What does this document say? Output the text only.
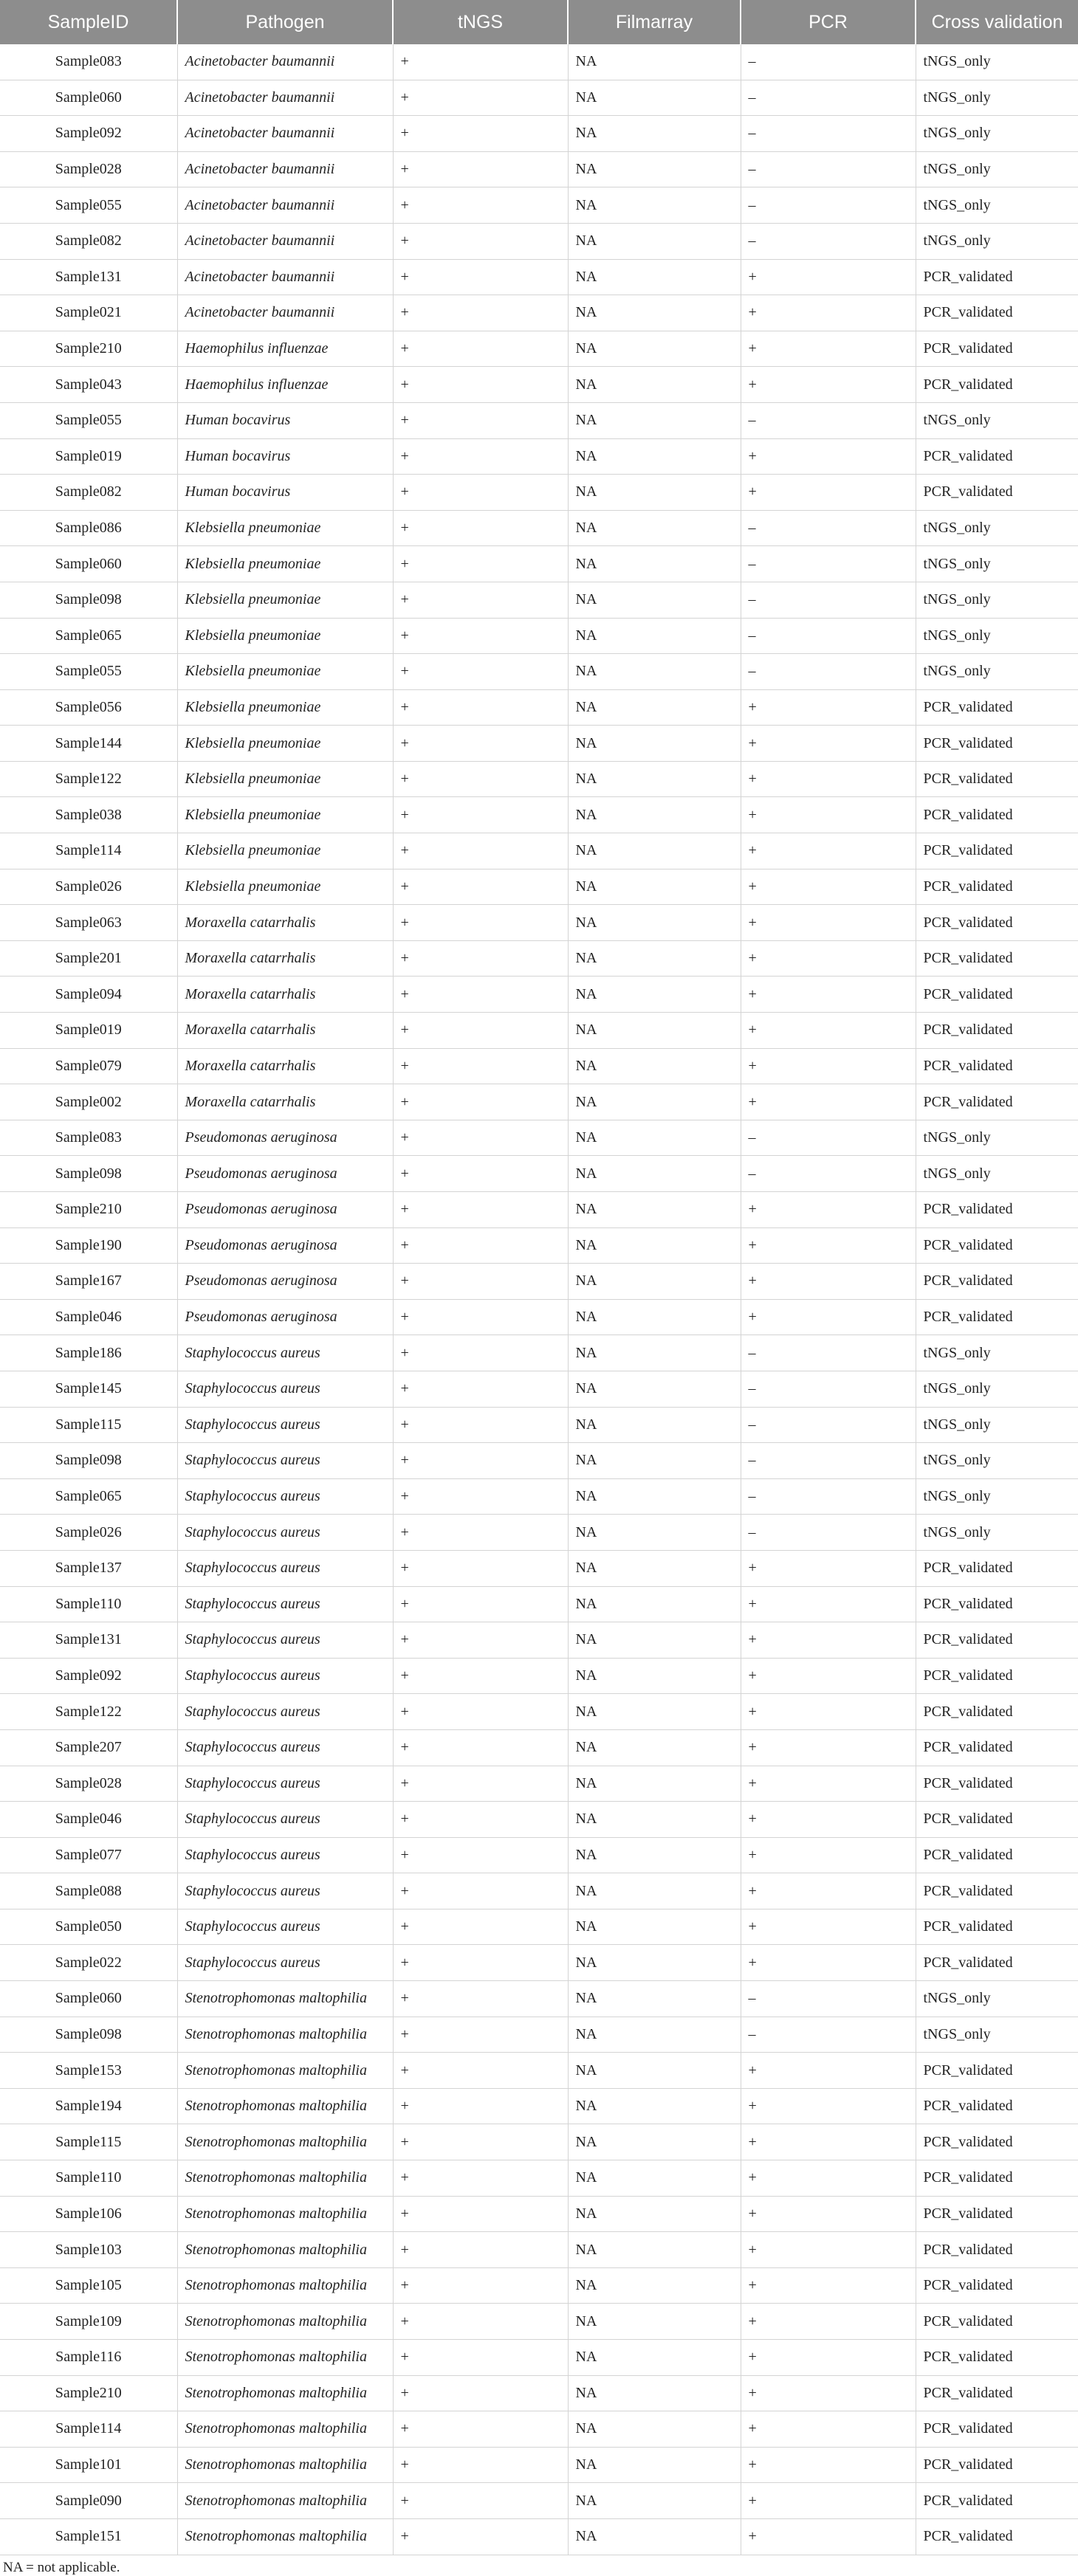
SampleID	Pathogen	tNGS	Filmarray	PCR	Cross validation
Sample083	Acinetobacter baumannii	+	NA	–	tNGS_only
Sample060	Acinetobacter baumannii	+	NA	–	tNGS_only
Sample092	Acinetobacter baumannii	+	NA	–	tNGS_only
Sample028	Acinetobacter baumannii	+	NA	–	tNGS_only
Sample055	Acinetobacter baumannii	+	NA	–	tNGS_only
Sample082	Acinetobacter baumannii	+	NA	–	tNGS_only
Sample131	Acinetobacter baumannii	+	NA	+	PCR_validated
Sample021	Acinetobacter baumannii	+	NA	+	PCR_validated
Sample210	Haemophilus influenzae	+	NA	+	PCR_validated
Sample043	Haemophilus influenzae	+	NA	+	PCR_validated
Sample055	Human bocavirus	+	NA	–	tNGS_only
Sample019	Human bocavirus	+	NA	+	PCR_validated
Sample082	Human bocavirus	+	NA	+	PCR_validated
Sample086	Klebsiella pneumoniae	+	NA	–	tNGS_only
Sample060	Klebsiella pneumoniae	+	NA	–	tNGS_only
Sample098	Klebsiella pneumoniae	+	NA	–	tNGS_only
Sample065	Klebsiella pneumoniae	+	NA	–	tNGS_only
Sample055	Klebsiella pneumoniae	+	NA	–	tNGS_only
Sample056	Klebsiella pneumoniae	+	NA	+	PCR_validated
Sample144	Klebsiella pneumoniae	+	NA	+	PCR_validated
Sample122	Klebsiella pneumoniae	+	NA	+	PCR_validated
Sample038	Klebsiella pneumoniae	+	NA	+	PCR_validated
Sample114	Klebsiella pneumoniae	+	NA	+	PCR_validated
Sample026	Klebsiella pneumoniae	+	NA	+	PCR_validated
Sample063	Moraxella catarrhalis	+	NA	+	PCR_validated
Sample201	Moraxella catarrhalis	+	NA	+	PCR_validated
Sample094	Moraxella catarrhalis	+	NA	+	PCR_validated
Sample019	Moraxella catarrhalis	+	NA	+	PCR_validated
Sample079	Moraxella catarrhalis	+	NA	+	PCR_validated
Sample002	Moraxella catarrhalis	+	NA	+	PCR_validated
Sample083	Pseudomonas aeruginosa	+	NA	–	tNGS_only
Sample098	Pseudomonas aeruginosa	+	NA	–	tNGS_only
Sample210	Pseudomonas aeruginosa	+	NA	+	PCR_validated
Sample190	Pseudomonas aeruginosa	+	NA	+	PCR_validated
Sample167	Pseudomonas aeruginosa	+	NA	+	PCR_validated
Sample046	Pseudomonas aeruginosa	+	NA	+	PCR_validated
Sample186	Staphylococcus aureus	+	NA	–	tNGS_only
Sample145	Staphylococcus aureus	+	NA	–	tNGS_only
Sample115	Staphylococcus aureus	+	NA	–	tNGS_only
Sample098	Staphylococcus aureus	+	NA	–	tNGS_only
Sample065	Staphylococcus aureus	+	NA	–	tNGS_only
Sample026	Staphylococcus aureus	+	NA	–	tNGS_only
Sample137	Staphylococcus aureus	+	NA	+	PCR_validated
Sample110	Staphylococcus aureus	+	NA	+	PCR_validated
Sample131	Staphylococcus aureus	+	NA	+	PCR_validated
Sample092	Staphylococcus aureus	+	NA	+	PCR_validated
Sample122	Staphylococcus aureus	+	NA	+	PCR_validated
Sample207	Staphylococcus aureus	+	NA	+	PCR_validated
Sample028	Staphylococcus aureus	+	NA	+	PCR_validated
Sample046	Staphylococcus aureus	+	NA	+	PCR_validated
Sample077	Staphylococcus aureus	+	NA	+	PCR_validated
Sample088	Staphylococcus aureus	+	NA	+	PCR_validated
Sample050	Staphylococcus aureus	+	NA	+	PCR_validated
Sample022	Staphylococcus aureus	+	NA	+	PCR_validated
Sample060	Stenotrophomonas maltophilia	+	NA	–	tNGS_only
Sample098	Stenotrophomonas maltophilia	+	NA	–	tNGS_only
Sample153	Stenotrophomonas maltophilia	+	NA	+	PCR_validated
Sample194	Stenotrophomonas maltophilia	+	NA	+	PCR_validated
Sample115	Stenotrophomonas maltophilia	+	NA	+	PCR_validated
Sample110	Stenotrophomonas maltophilia	+	NA	+	PCR_validated
Sample106	Stenotrophomonas maltophilia	+	NA	+	PCR_validated
Sample103	Stenotrophomonas maltophilia	+	NA	+	PCR_validated
Sample105	Stenotrophomonas maltophilia	+	NA	+	PCR_validated
Sample109	Stenotrophomonas maltophilia	+	NA	+	PCR_validated
Sample116	Stenotrophomonas maltophilia	+	NA	+	PCR_validated
Sample210	Stenotrophomonas maltophilia	+	NA	+	PCR_validated
Sample114	Stenotrophomonas maltophilia	+	NA	+	PCR_validated
Sample101	Stenotrophomonas maltophilia	+	NA	+	PCR_validated
Sample090	Stenotrophomonas maltophilia	+	NA	+	PCR_validated
Sample151	Stenotrophomonas maltophilia	+	NA	+	PCR_validated
NA = not applicable.
